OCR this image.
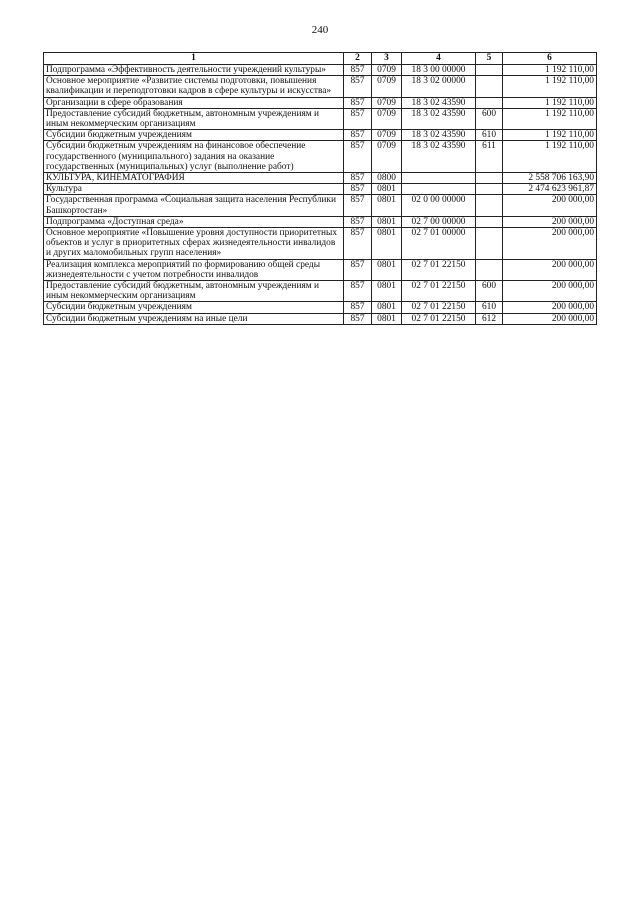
240
1	2	3	4	5	6
Подпрограмма «Эффективность деятельности учреждений культуры»	857	0709	18 3 00 00000		1 192 110,00
Основное мероприятие «Развитие системы подготовки, повышения квалификации и переподготовки кадров в сфере культуры и искусства»	857	0709	18 3 02 00000		1 192 110,00
Организации в сфере образования	857	0709	18 3 02 43590		1 192 110,00
Предоставление субсидий бюджетным, автономным учреждениям и иным некоммерческим организациям	857	0709	18 3 02 43590	600	1 192 110,00
Субсидии бюджетным учреждениям	857	0709	18 3 02 43590	610	1 192 110,00
Субсидии бюджетным учреждениям на финансовое обеспечение государственного (муниципального) задания на оказание государственных (муниципальных) услуг (выполнение работ)	857	0709	18 3 02 43590	611	1 192 110,00
КУЛЬТУРА, КИНЕМАТОГРАФИЯ	857	0800			2 558 706 163,90
Культура	857	0801			2 474 623 961,87
Государственная программа «Социальная защита населения Республики Башкортостан»	857	0801	02 0 00 00000		200 000,00
Подпрограмма «Доступная среда»	857	0801	02 7 00 00000		200 000,00
Основное мероприятие «Повышение уровня доступности приоритетных объектов и услуг в приоритетных сферах жизнедеятельности инвалидов и других маломобильных групп населения»	857	0801	02 7 01 00000		200 000,00
Реализация комплекса мероприятий по формированию общей среды жизнедеятельности с учетом потребности инвалидов	857	0801	02 7 01 22150		200 000,00
Предоставление субсидий бюджетным, автономным учреждениям и иным некоммерческим организациям	857	0801	02 7 01 22150	600	200 000,00
Субсидии бюджетным учреждениям	857	0801	02 7 01 22150	610	200 000,00
Субсидии бюджетным учреждениям на иные цели	857	0801	02 7 01 22150	612	200 000,00
